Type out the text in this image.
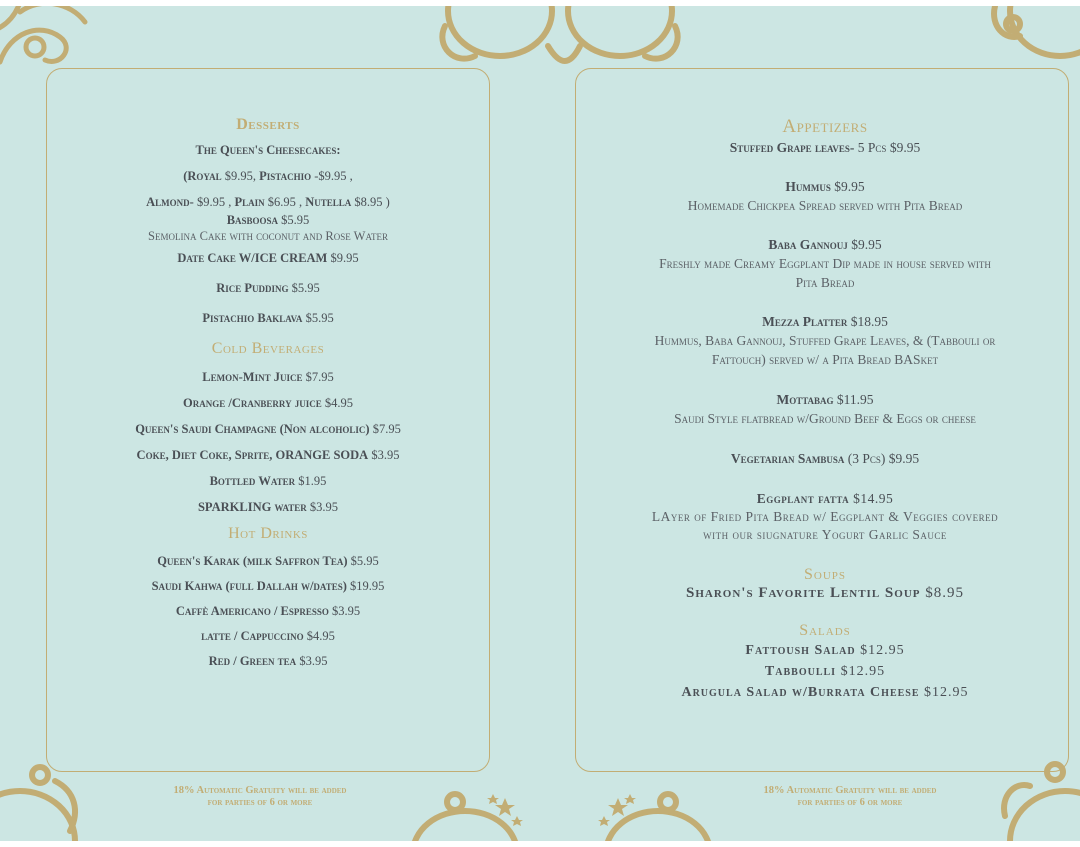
Desserts
The Queen's Cheesecakes:
(Royal $9.95, Pistachio -$9.95 ,
Almond- $9.95 , Plain $6.95 , Nutella $8.95 )
Basboosa $5.95
Semolina Cake with coconut and Rose Water
Date Cake W/ICE CREAM $9.95
Rice Pudding $5.95
Pistachio Baklava $5.95
Cold Beverages
Lemon-Mint Juice $7.95
Orange /Cranberry juice $4.95
Queen's Saudi Champagne (Non alcoholic) $7.95
Coke, Diet Coke, Sprite, ORANGE SODA $3.95
Bottled Water $1.95
SPARKLING water $3.95
Hot Drinks
Queen's Karak (milk Saffron Tea) $5.95
Saudi Kahwa (full Dallah w/dates) $19.95
Caffè Americano / Espresso $3.95
latte / Cappuccino $4.95
Red / Green tea $3.95
Appetizers
Stuffed Grape leaves- 5 Pcs $9.95
Hummus $9.95
Homemade Chickpea Spread served with Pita Bread
Baba Gannouj $9.95
Freshly made Creamy Eggplant Dip made in house served with
Pita Bread
Mezza Platter $18.95
Hummus, Baba Gannouj, Stuffed Grape Leaves, & (Tabbouli or
Fattouch) served w/ a Pita Bread BASket
Mottabag $11.95
Saudi Style flatbread w/Ground Beef & Eggs or cheese
Vegetarian Sambusa (3 Pcs) $9.95
Eggplant fatta $14.95
LAyer of Fried Pita Bread w/ Eggplant & Veggies covered
with our siugnature Yogurt Garlic Sauce
Soups
Sharon's Favorite Lentil Soup $8.95
Salads
Fattoush Salad $12.95
Tabboulli $12.95
Arugula Salad w/Burrata Cheese $12.95
18% Automatic Gratuity will be added
for parties of 6 or more
18% Automatic Gratuity will be added
for parties of 6 or more
